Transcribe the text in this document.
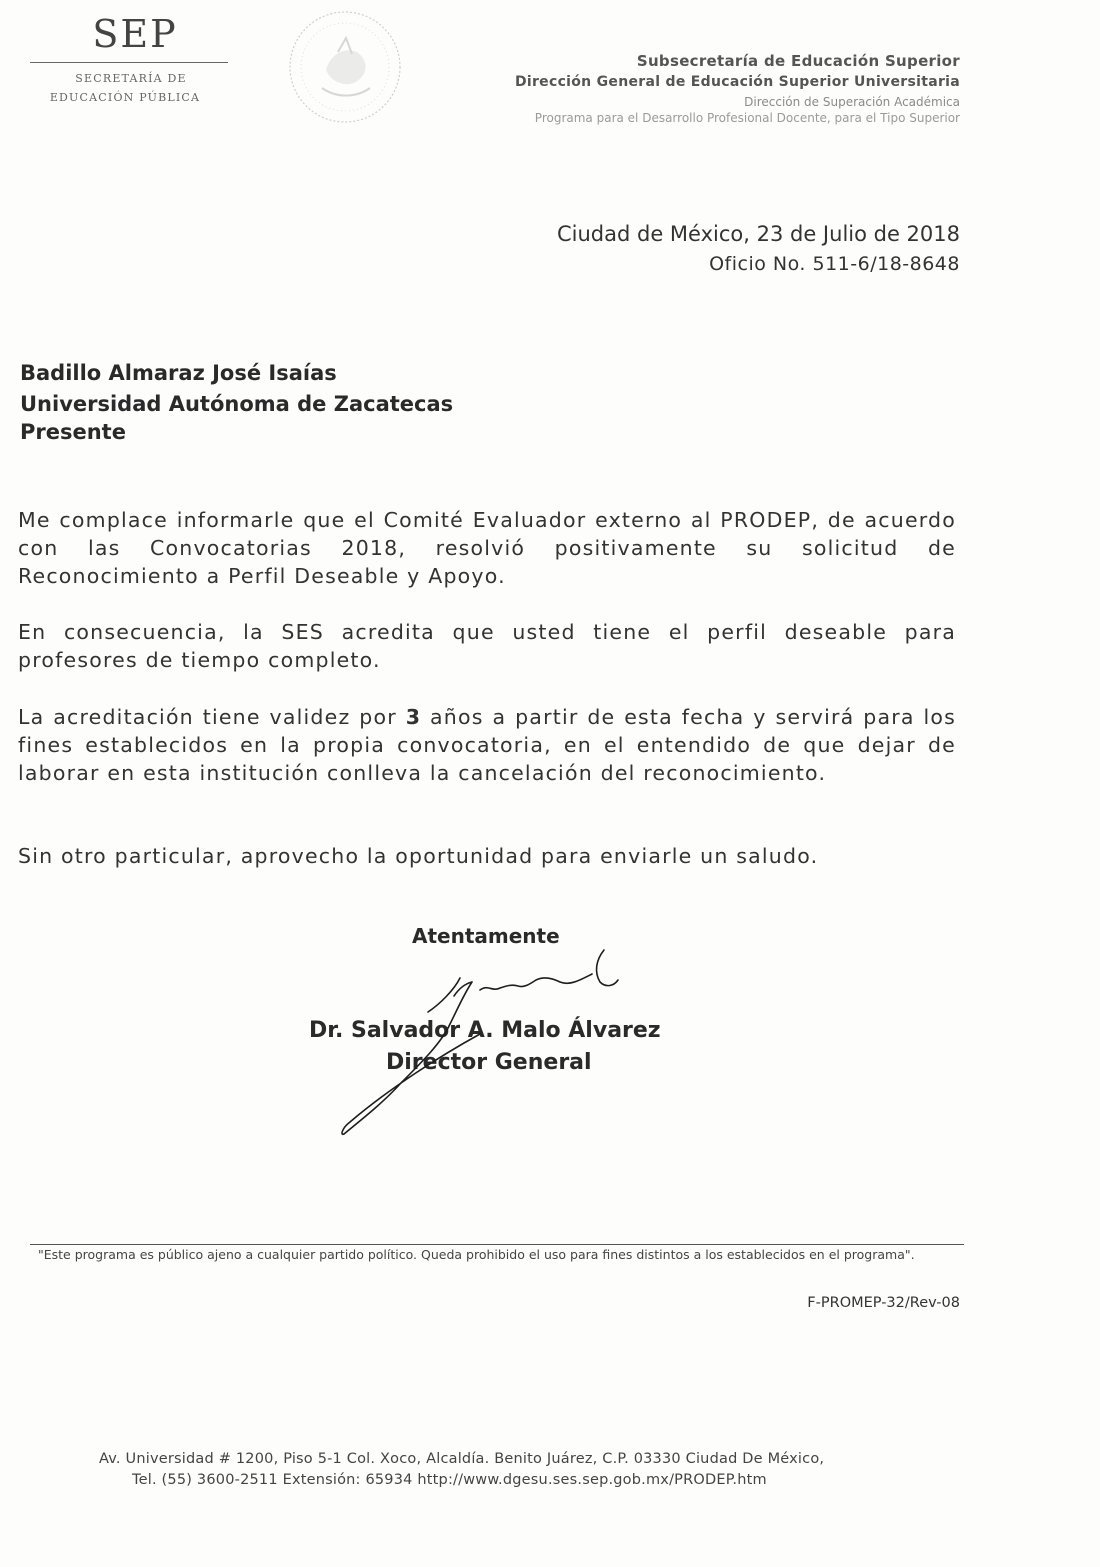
SEP
SECRETARÍA DE
EDUCACIÓN PÚBLICA
Subsecretaría de Educación Superior
Dirección General de Educación Superior Universitaria
Dirección de Superación Académica
Programa para el Desarrollo Profesional Docente, para el Tipo Superior
Ciudad de México, 23 de Julio de 2018
Oficio No. 511-6/18-8648
Badillo Almaraz José Isaías
Universidad Autónoma de Zacatecas
Presente
Me complace informarle que el Comité Evaluador externo al PRODEP, de acuerdo con las Convocatorias 2018, resolvió positivamente su solicitud de Reconocimiento a Perfil Deseable y Apoyo.
En consecuencia, la SES acredita que usted tiene el perfil deseable para profesores de tiempo completo.
La acreditación tiene validez por 3 años a partir de esta fecha y servirá para los fines establecidos en la propia convocatoria, en el entendido de que dejar de laborar en esta institución conlleva la cancelación del reconocimiento.
Sin otro particular, aprovecho la oportunidad para enviarle un saludo.
Atentamente
Dr. Salvador A. Malo Álvarez
Director General
"Este programa es público ajeno a cualquier partido político. Queda prohibido el uso para fines distintos a los establecidos en el programa".
F-PROMEP-32/Rev-08
Av. Universidad # 1200, Piso 5-1 Col. Xoco, Alcaldía. Benito Juárez, C.P. 03330 Ciudad De México,
Tel. (55) 3600-2511 Extensión: 65934 http://www.dgesu.ses.sep.gob.mx/PRODEP.htm
